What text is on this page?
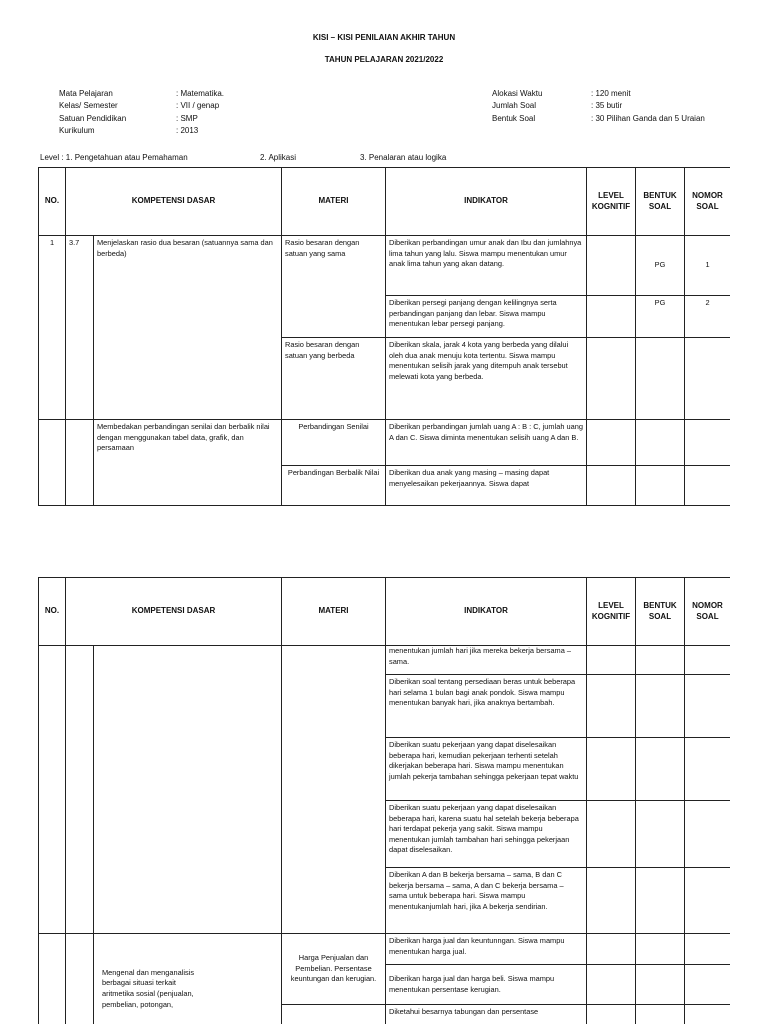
KISI – KISI PENILAIAN AKHIR TAHUN
TAHUN PELAJARAN 2021/2022
Mata Pelajaran	: Matematika.
Kelas/ Semester	: VII / genap
Satuan Pendidikan	: SMP
Kurikulum	: 2013
Alokasi Waktu	: 120 menit
Jumlah Soal	: 35 butir
Bentuk Soal	: 30 Pilihan Ganda dan 5 Uraian
Level : 1. Pengetahuan atau Pemahaman	2. Aplikasi	3. Penalaran atau logika
NO.	KOMPETENSI DASAR		MATERI	INDIKATOR	LEVEL KOGNITIF	BENTUK SOAL	NOMOR SOAL
1	3.7	Menjelaskan rasio dua besaran (satuannya sama dan berbeda)	Rasio besaran dengan satuan yang sama	Diberikan perbandingan umur anak dan Ibu dan jumlahnya lima tahun yang lalu. Siswa mampu menentukan umur anak lima tahun yang akan datang.		PG	1
				Diberikan persegi panjang dengan kelilingnya serta perbandingan panjang dan lebar. Siswa mampu menentukan lebar persegi panjang.		PG	2
			Rasio besaran dengan satuan yang berbeda	Diberikan skala, jarak 4 kota yang berbeda yang dilalui oleh dua anak menuju kota tertentu. Siswa mampu menentukan selisih jarak yang ditempuh anak tersebut melewati kota yang berbeda.			
		Membedakan perbandingan senilai dan berbalik nilai dengan menggunakan tabel data, grafik, dan persamaan	Perbandingan Senilai	Diberikan perbandingan jumlah uang A : B : C, jumlah uang A dan C. Siswa diminta menentukan selisih uang A dan B.			
			Perbandingan Berbalik Nilai	Diberikan dua anak yang masing – masing dapat menyelesaikan pekerjaannya. Siswa dapat			
NO.	KOMPETENSI DASAR		MATERI	INDIKATOR	LEVEL KOGNITIF	BENTUK SOAL	NOMOR SOAL
				menentukan jumlah hari jika mereka bekerja bersama – sama.			
				Diberikan soal tentang persediaan beras untuk beberapa hari selama 1 bulan bagi anak pondok. Siswa mampu menentukan banyak hari, jika anaknya bertambah.			
				Diberikan suatu pekerjaan yang dapat diselesaikan beberapa hari, kemudian pekerjaan terhenti setelah dikerjakan beberapa hari. Siswa mampu menentukan jumlah pekerja tambahan sehingga pekerjaan tepat waktu			
				Diberikan suatu pekerjaan yang dapat diselesaikan beberapa hari, karena suatu hal setelah bekerja beberapa hari terdapat pekerja yang sakit. Siswa mampu menentukan jumlah tambahan hari sehingga pekerjaan dapat diselesaikan.			
				Diberikan A dan B bekerja bersama – sama, B dan C bekerja bersama – sama, A dan C bekerja bersama – sama untuk beberapa hari. Siswa mampu menentukanjumlah hari, jika A bekerja sendirian.			
		Mengenal dan menganalisis berbagai situasi terkait aritmetika sosial (penjualan, pembelian, potongan,	Harga Penjualan dan Pembelian. Persentase keuntungan dan kerugian.	Diberikan harga jual dan keuntunngan. Siswa mampu menentukan harga jual.			
				Diberikan harga jual dan harga beli. Siswa mampu menentukan persentase kerugian.			
				Diketahui besarnya tabungan dan persentase			
